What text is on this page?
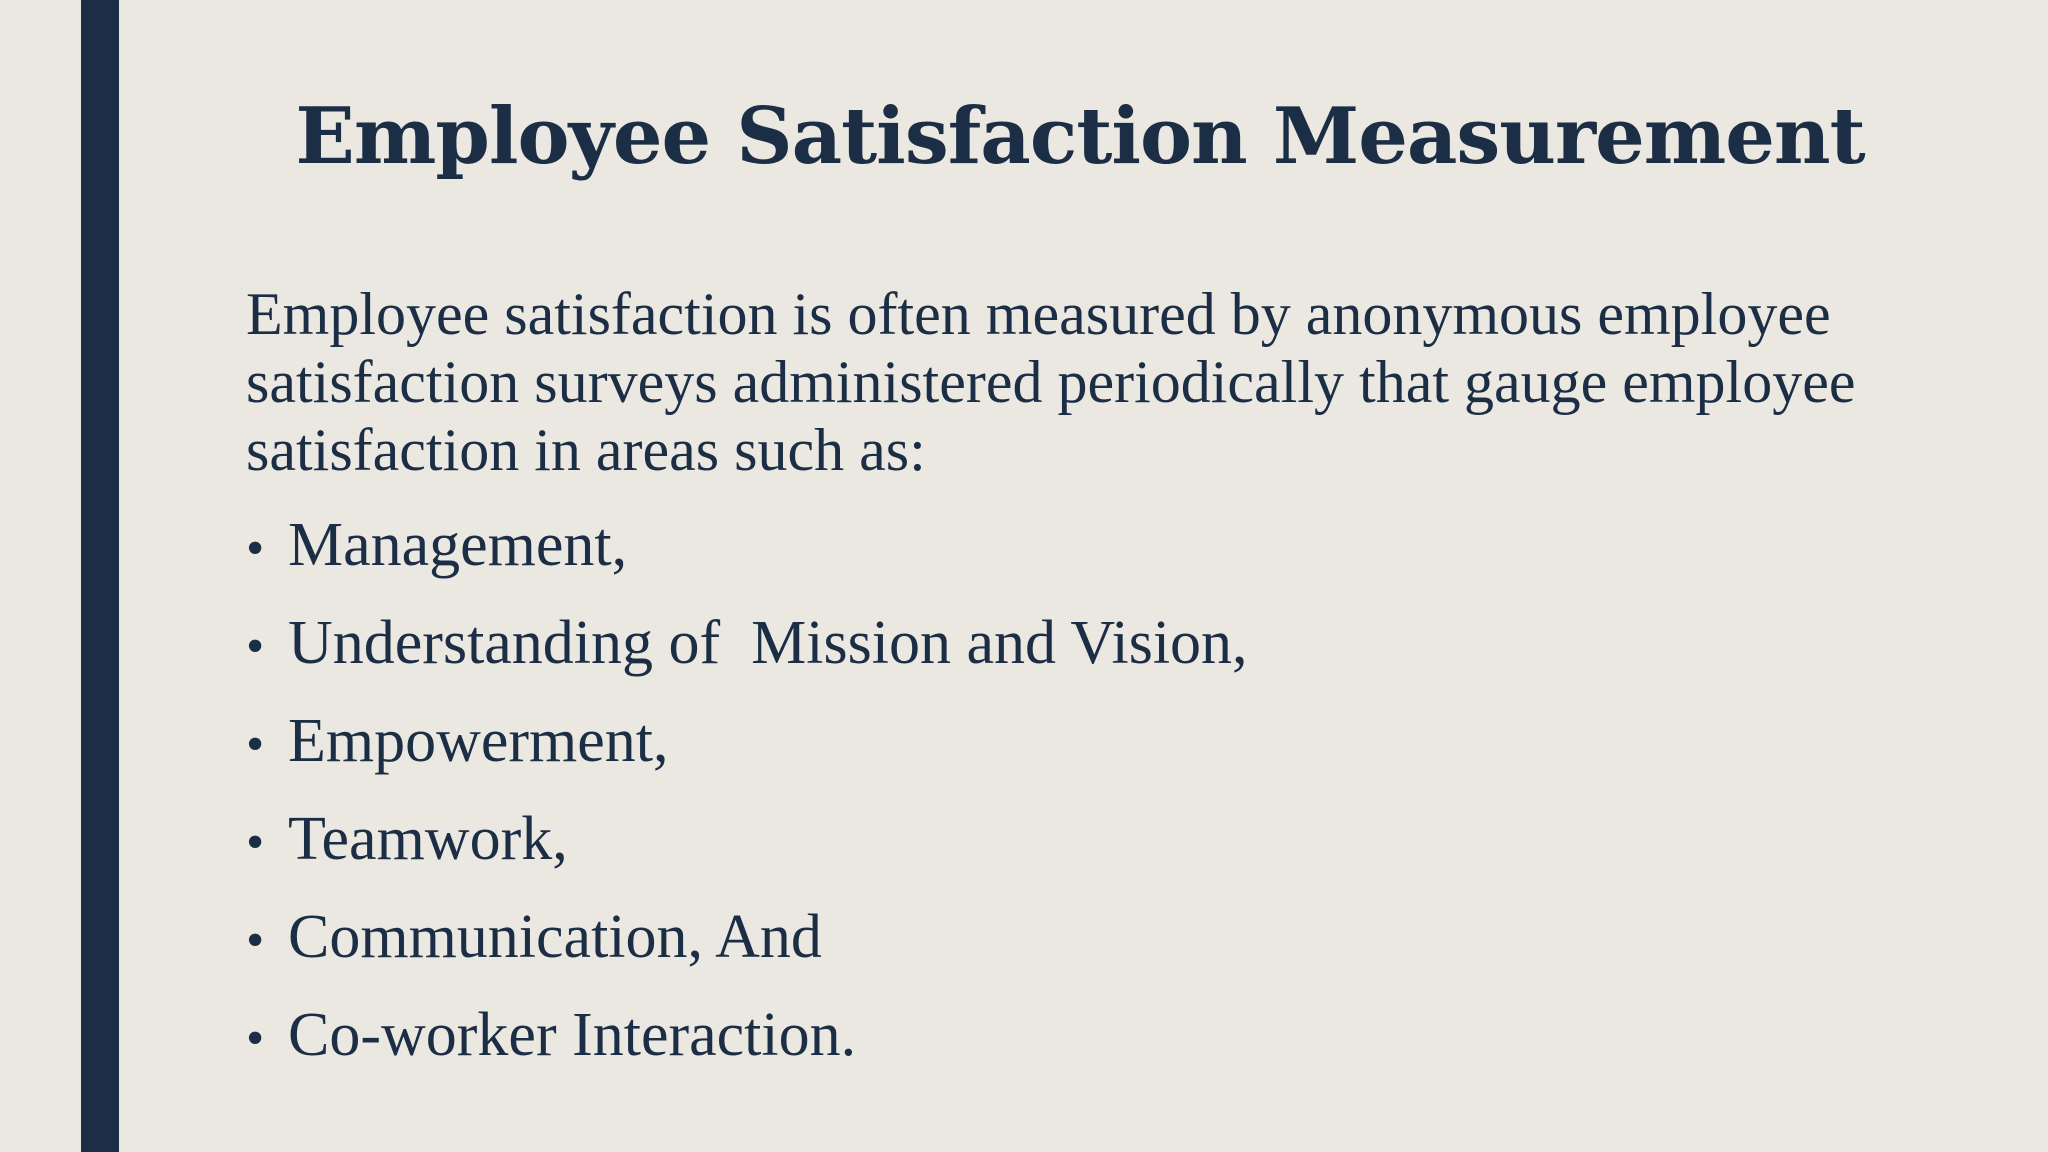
Employee Satisfaction Measurement

Employee satisfaction is often measured by anonymous employee satisfaction surveys administered periodically that gauge employee satisfaction in areas such as:

• Management,
• Understanding of  Mission and Vision,
• Empowerment,
• Teamwork,
• Communication, And
• Co-worker Interaction.
